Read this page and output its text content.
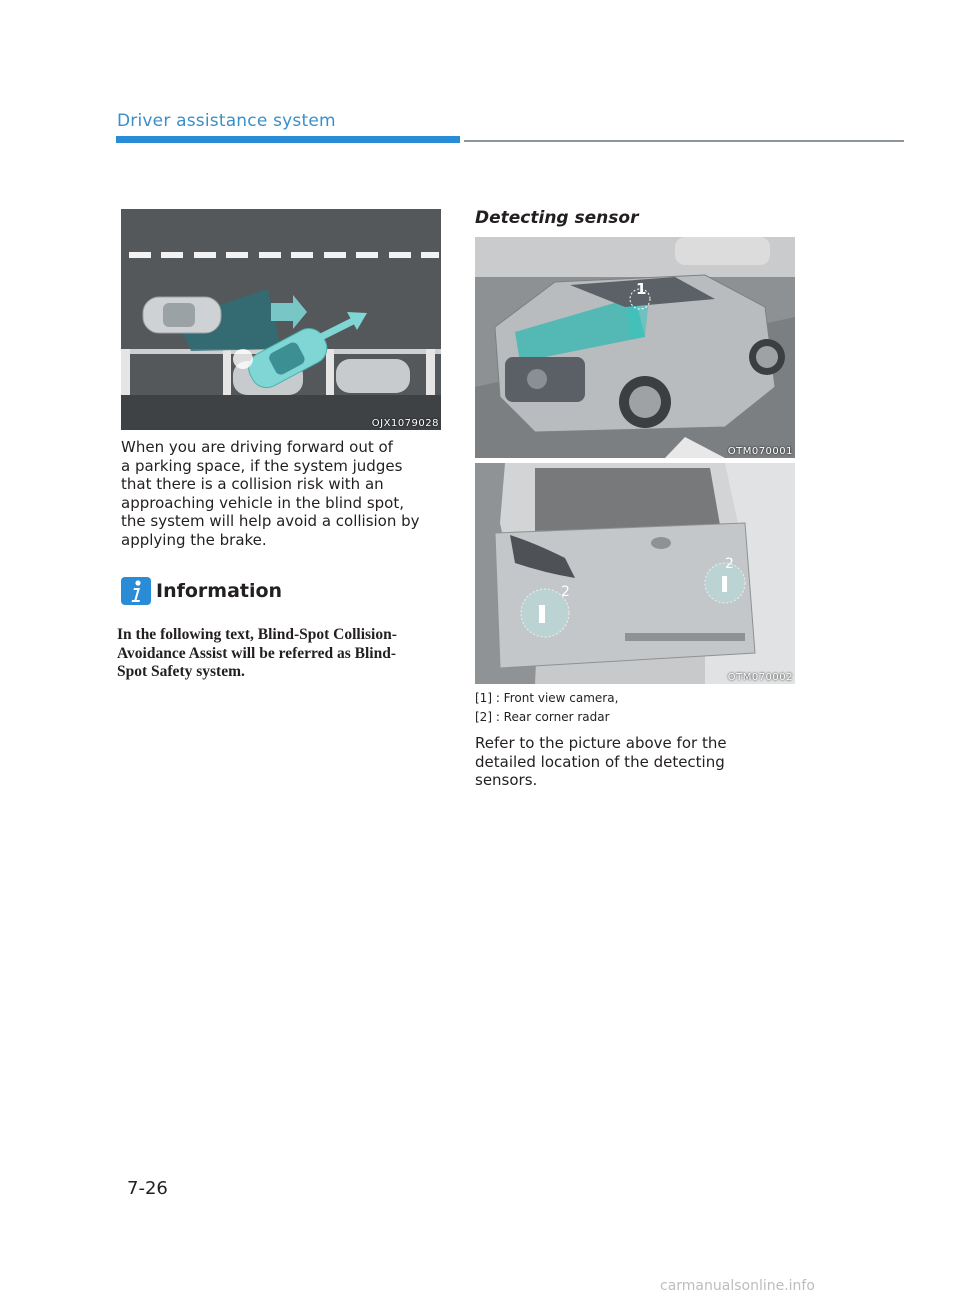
Driver assistance system
OJX1079028
When you are driving forward out of
a parking space, if the system judges
that there is a collision risk with an
approaching vehicle in the blind spot,
the system will help avoid a collision by
applying the brake.
Information
In the following text, Blind-Spot Collision-
Avoidance Assist will be referred as Blind-
Spot Safety system.
Detecting sensor
1
OTM070001
2
2
OTM070002
[1] : Front view camera,
[2] : Rear corner radar
Refer to the picture above for the
detailed location of the detecting
sensors.
7-26
carmanualsonline.info
